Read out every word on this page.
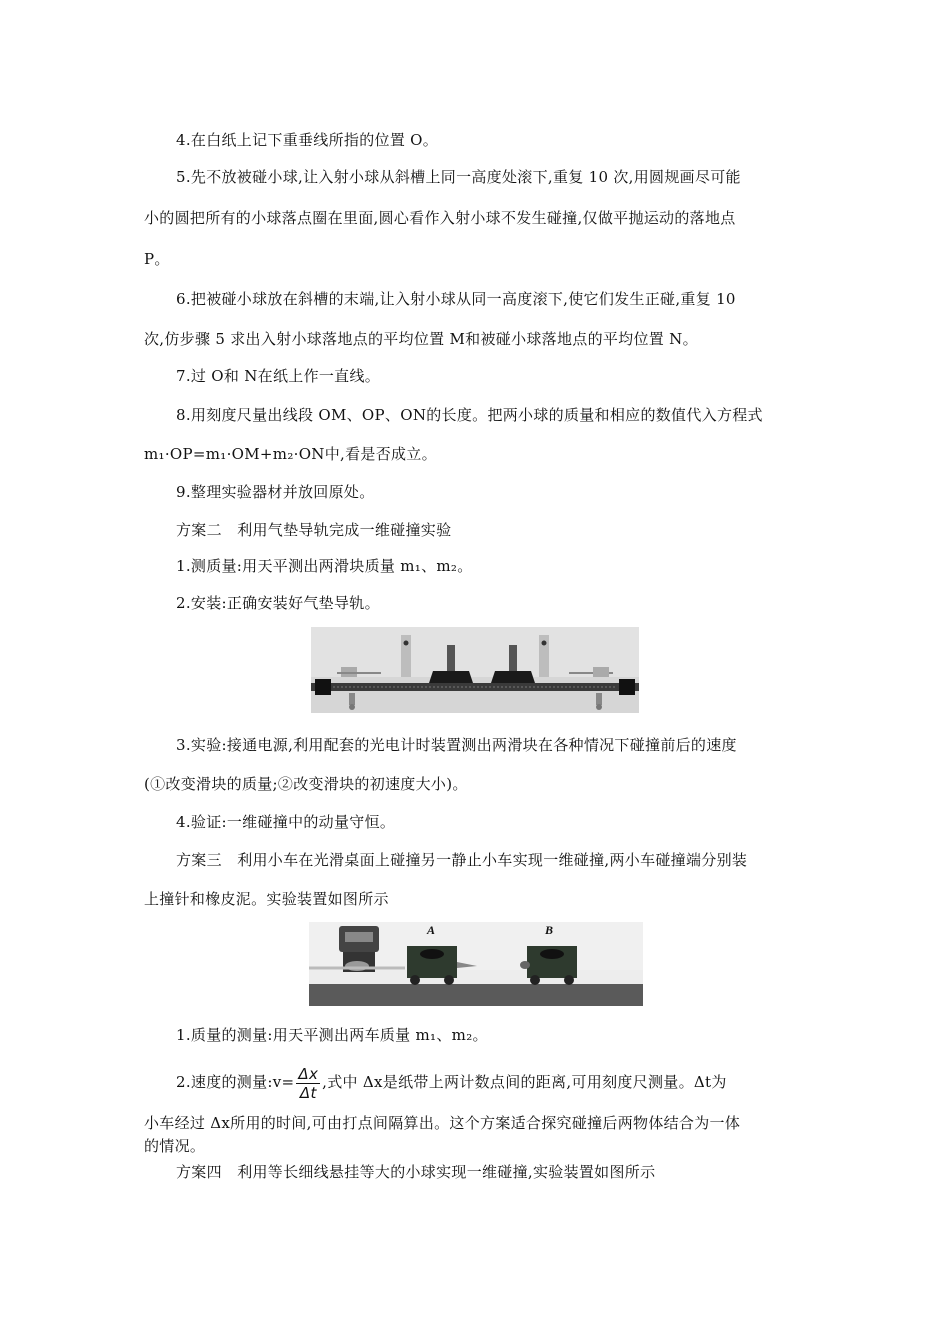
4.在白纸上记下重垂线所指的位置 O。
5.先不放被碰小球,让入射小球从斜槽上同一高度处滚下,重复 10 次,用圆规画尽可能
小的圆把所有的小球落点圈在里面,圆心看作入射小球不发生碰撞,仅做平抛运动的落地点
P。
6.把被碰小球放在斜槽的末端,让入射小球从同一高度滚下,使它们发生正碰,重复 10
次,仿步骤 5 求出入射小球落地点的平均位置 M和被碰小球落地点的平均位置 N。
7.过 O和 N在纸上作一直线。
8.用刻度尺量出线段 OM、OP、ON的长度。把两小球的质量和相应的数值代入方程式
m₁·OP=m₁·OM+m₂·ON中,看是否成立。
9.整理实验器材并放回原处。
方案二　利用气垫导轨完成一维碰撞实验
1.测质量:用天平测出两滑块质量 m₁、m₂。
2.安装:正确安装好气垫导轨。
3.实验:接通电源,利用配套的光电计时装置测出两滑块在各种情况下碰撞前后的速度
(①改变滑块的质量;②改变滑块的初速度大小)。
4.验证:一维碰撞中的动量守恒。
方案三　利用小车在光滑桌面上碰撞另一静止小车实现一维碰撞,两小车碰撞端分别装
上撞针和橡皮泥。实验装置如图所示
A	B
1.质量的测量:用天平测出两车质量 m₁、m₂。
2.速度的测量:v= $\frac{\Delta x}{\Delta t}$ ,式中 Δx是纸带上两计数点间的距离,可用刻度尺测量。Δt为
小车经过 Δx所用的时间,可由打点间隔算出。这个方案适合探究碰撞后两物体结合为一体
的情况。
方案四　利用等长细线悬挂等大的小球实现一维碰撞,实验装置如图所示
